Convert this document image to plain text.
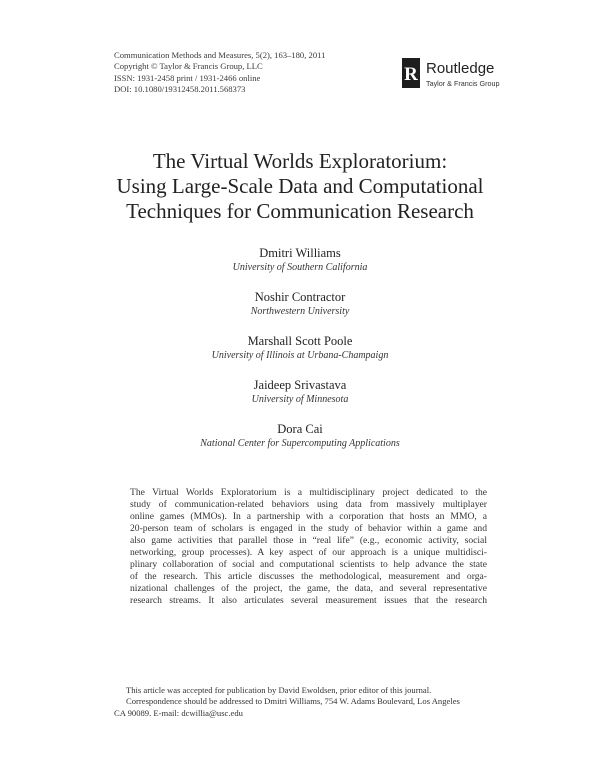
Communication Methods and Measures, 5(2), 163–180, 2011
Copyright © Taylor & Francis Group, LLC
ISSN: 1931-2458 print / 1931-2466 online
DOI: 10.1080/19312458.2011.568373
R Routledge
Taylor & Francis Group
The Virtual Worlds Exploratorium:
Using Large-Scale Data and Computational
Techniques for Communication Research
Dmitri Williams
University of Southern California
Noshir Contractor
Northwestern University
Marshall Scott Poole
University of Illinois at Urbana-Champaign
Jaideep Srivastava
University of Minnesota
Dora Cai
National Center for Supercomputing Applications
The Virtual Worlds Exploratorium is a multidisciplinary project dedicated to the
study of communication-related behaviors using data from massively multiplayer
online games (MMOs). In a partnership with a corporation that hosts an MMO, a
20-person team of scholars is engaged in the study of behavior within a game and
also game activities that parallel those in “real life” (e.g., economic activity, social
networking, group processes). A key aspect of our approach is a unique multidisci-
plinary collaboration of social and computational scientists to help advance the state
of the research. This article discusses the methodological, measurement and orga-
nizational challenges of the project, the game, the data, and several representative
research streams. It also articulates several measurement issues that the research
This article was accepted for publication by David Ewoldsen, prior editor of this journal.
Correspondence should be addressed to Dmitri Williams, 754 W. Adams Boulevard, Los Angeles
CA 90089. E-mail: dcwillia@usc.edu
